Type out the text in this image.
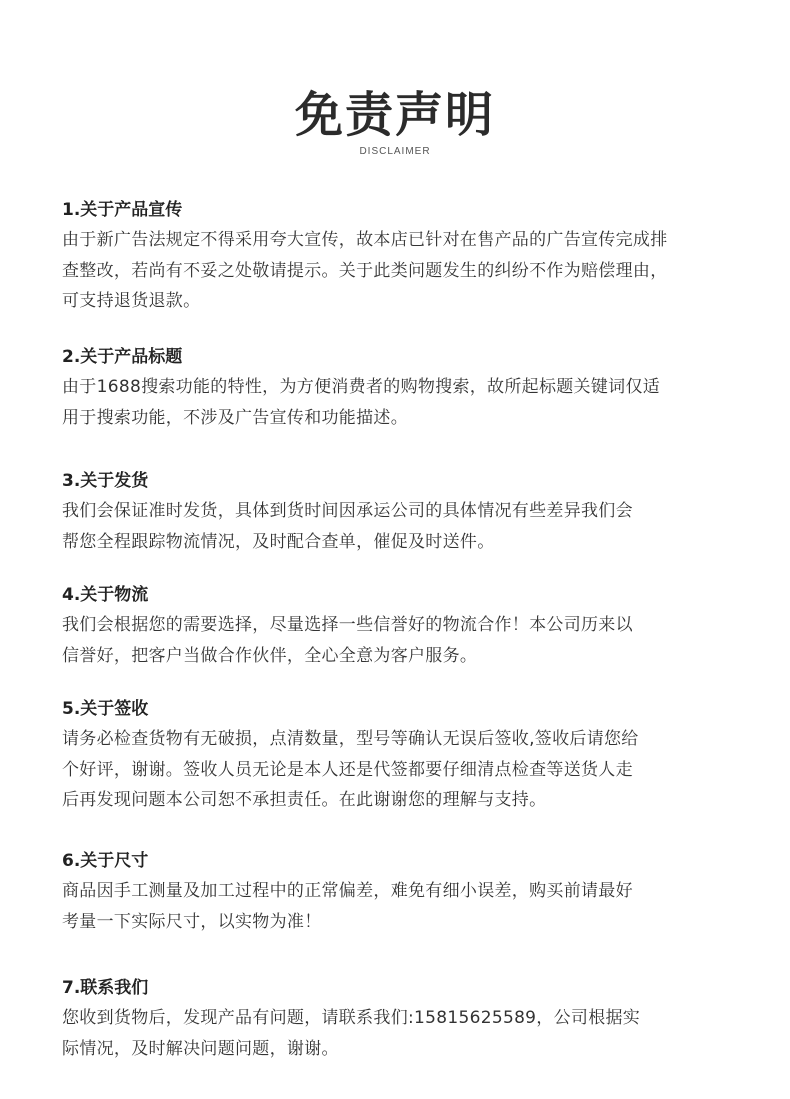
免责声明
DISCLAIMER
1.关于产品宣传
由于新广告法规定不得采用夸大宣传，故本店已针对在售产品的广告宣传完成排
查整改，若尚有不妥之处敬请提示。关于此类问题发生的纠纷不作为赔偿理由，
可支持退货退款。
2.关于产品标题
由于1688搜索功能的特性，为方便消费者的购物搜索，故所起标题关键词仅适
用于搜索功能，不涉及广告宣传和功能描述。
3.关于发货
我们会保证准时发货，具体到货时间因承运公司的具体情况有些差异我们会
帮您全程跟踪物流情况，及时配合查单，催促及时送件。
4.关于物流
我们会根据您的需要选择，尽量选择一些信誉好的物流合作！本公司历来以
信誉好，把客户当做合作伙伴，全心全意为客户服务。
5.关于签收
请务必检查货物有无破损，点清数量，型号等确认无误后签收,签收后请您给
个好评，谢谢。签收人员无论是本人还是代签都要仔细清点检查等送货人走
后再发现问题本公司恕不承担责任。在此谢谢您的理解与支持。
6.关于尺寸
商品因手工测量及加工过程中的正常偏差，难免有细小误差，购买前请最好
考量一下实际尺寸，以实物为准！
7.联系我们
您收到货物后，发现产品有问题，请联系我们:15815625589，公司根据实
际情况，及时解决问题问题，谢谢。
